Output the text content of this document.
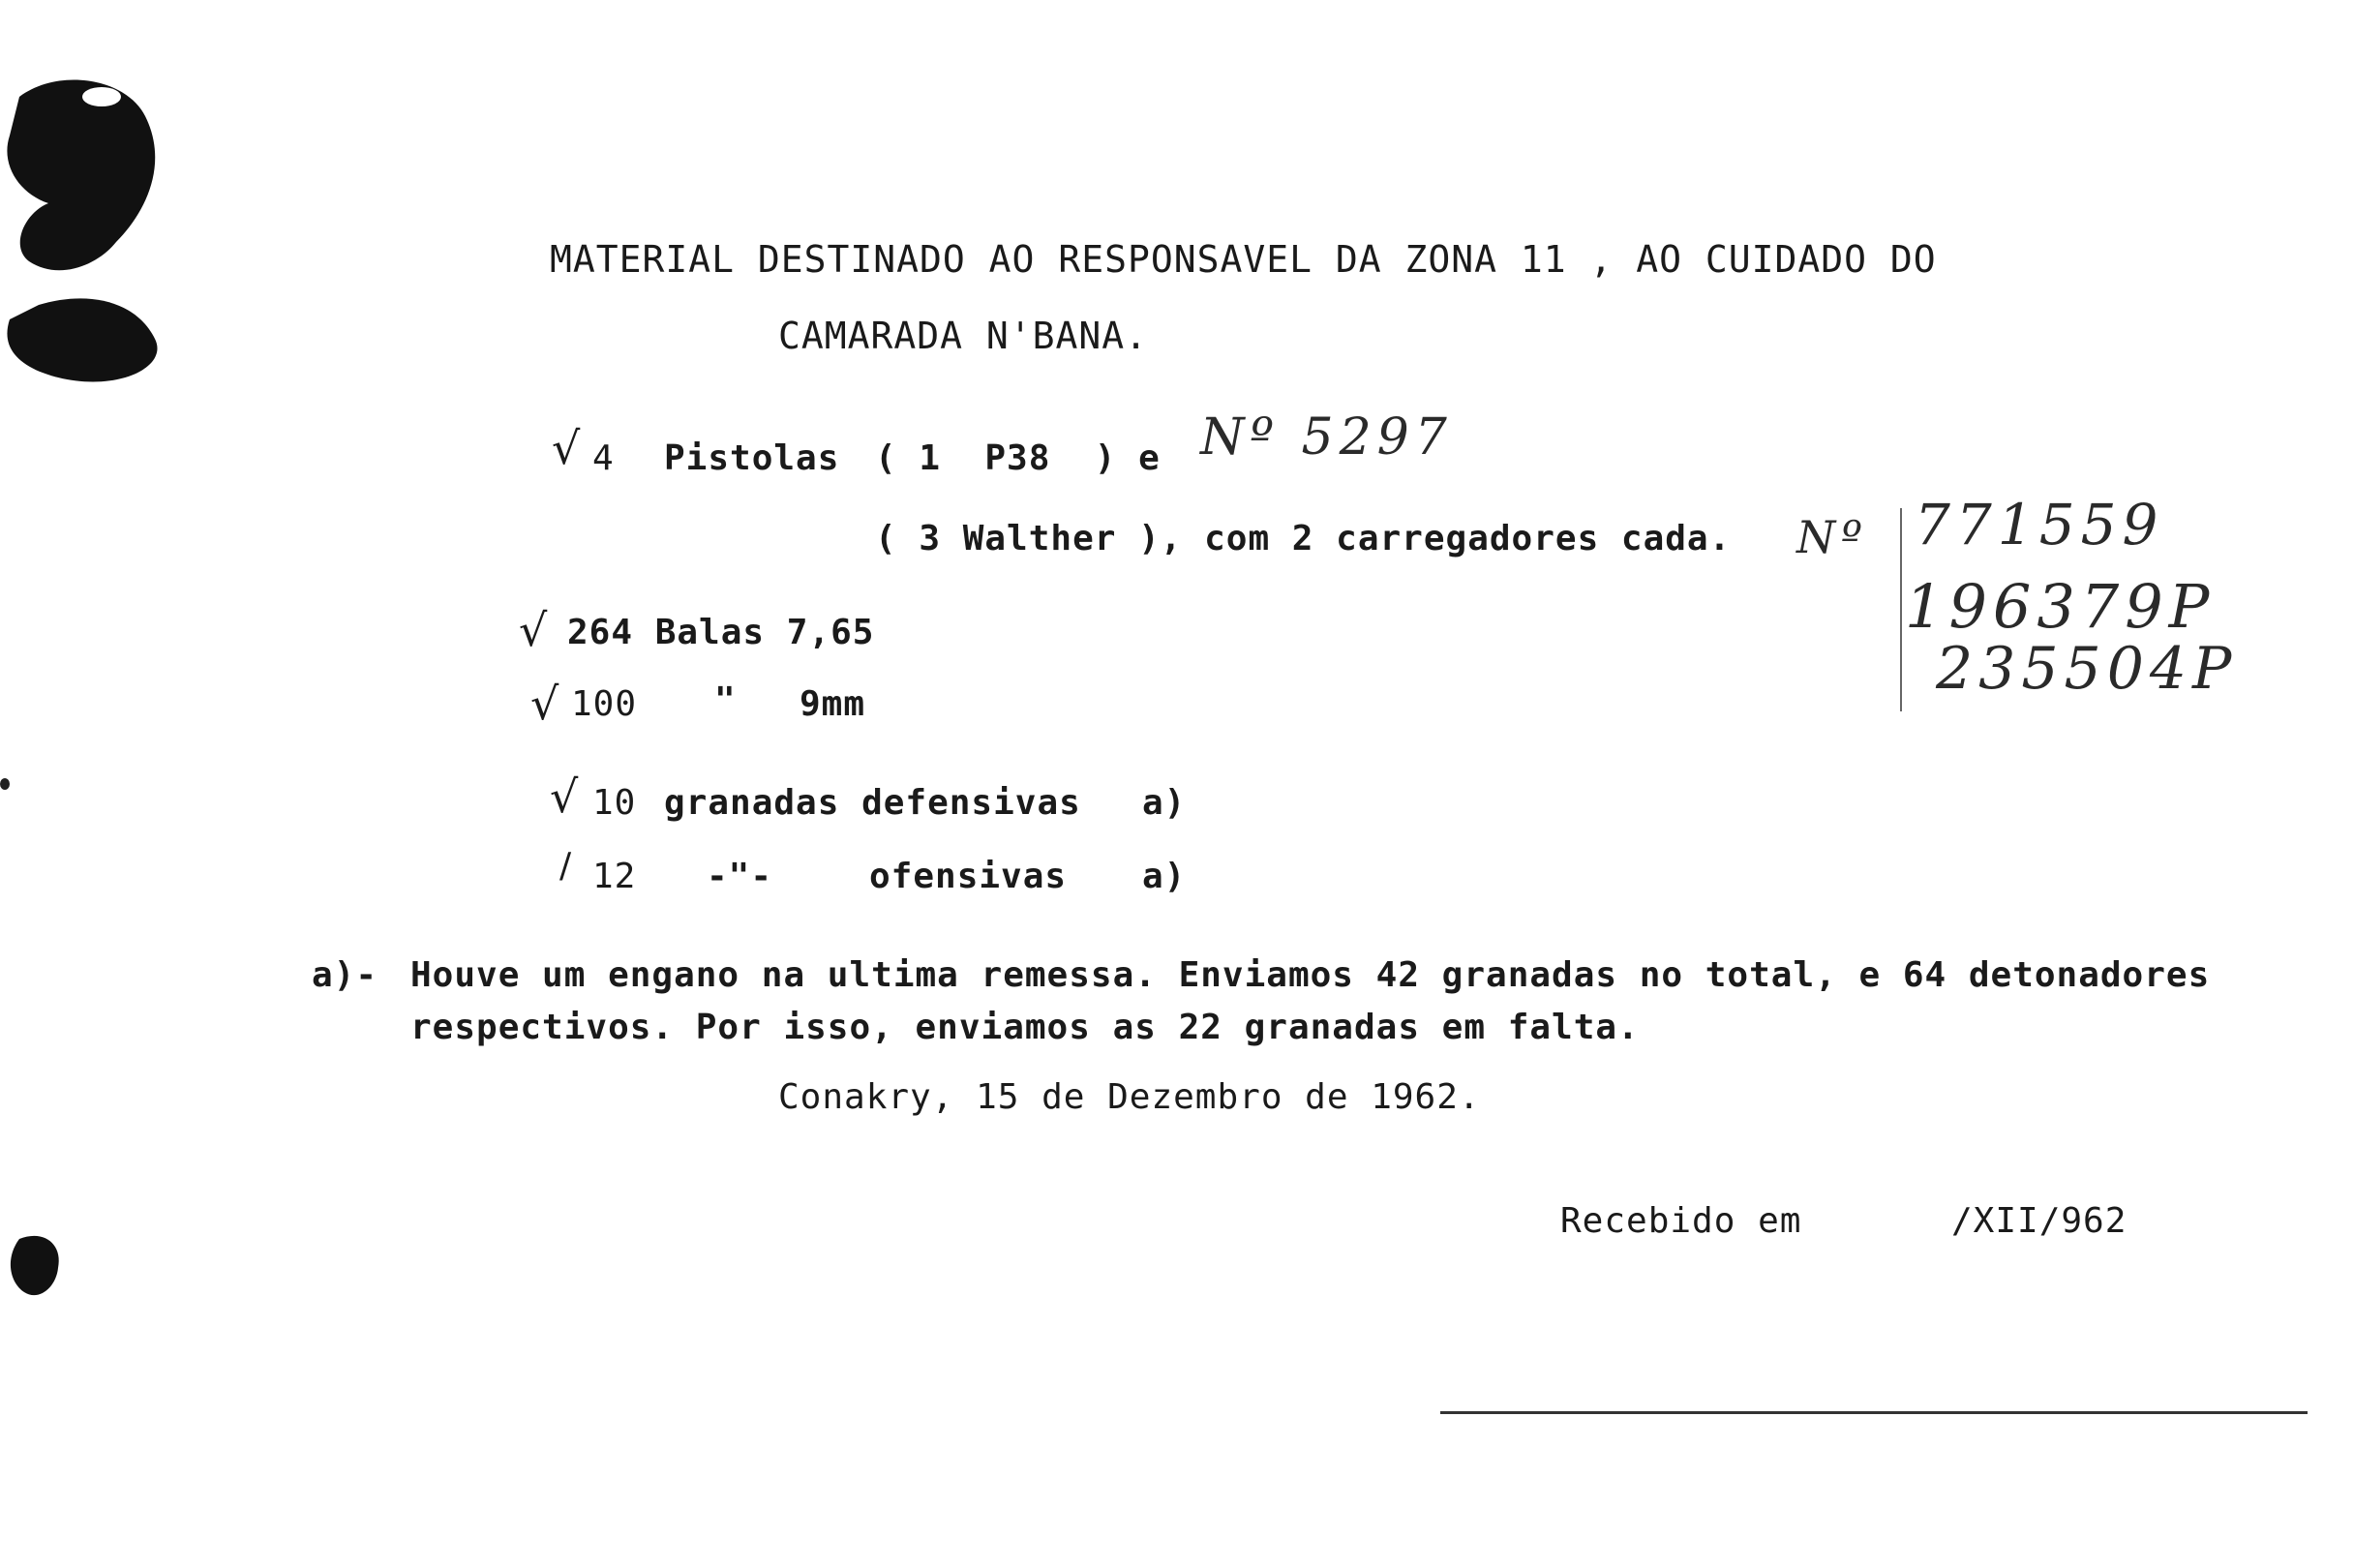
MATERIAL DESTINADO AO RESPONSAVEL DA ZONA 11 , AO CUIDADO DO
CAMARADA N'BANA.
√ 4 Pistolas ( 1  P38  ) e Nº 5297
( 3 Walther ), com 2 carregadores cada. Nº 771559
196379P
235504P
√ 264 Balas 7,65
√ 100 " 9mm
√ 10 granadas defensivas a)
/ 12 -"-	ofensivas a)
a)- Houve um engano na ultima remessa. Enviamos 42 granadas no total, e 64 detonadores
respectivos. Por isso, enviamos as 22 granadas em falta.
Conakry, 15 de Dezembro de 1962.
Recebido em	/XII/962
